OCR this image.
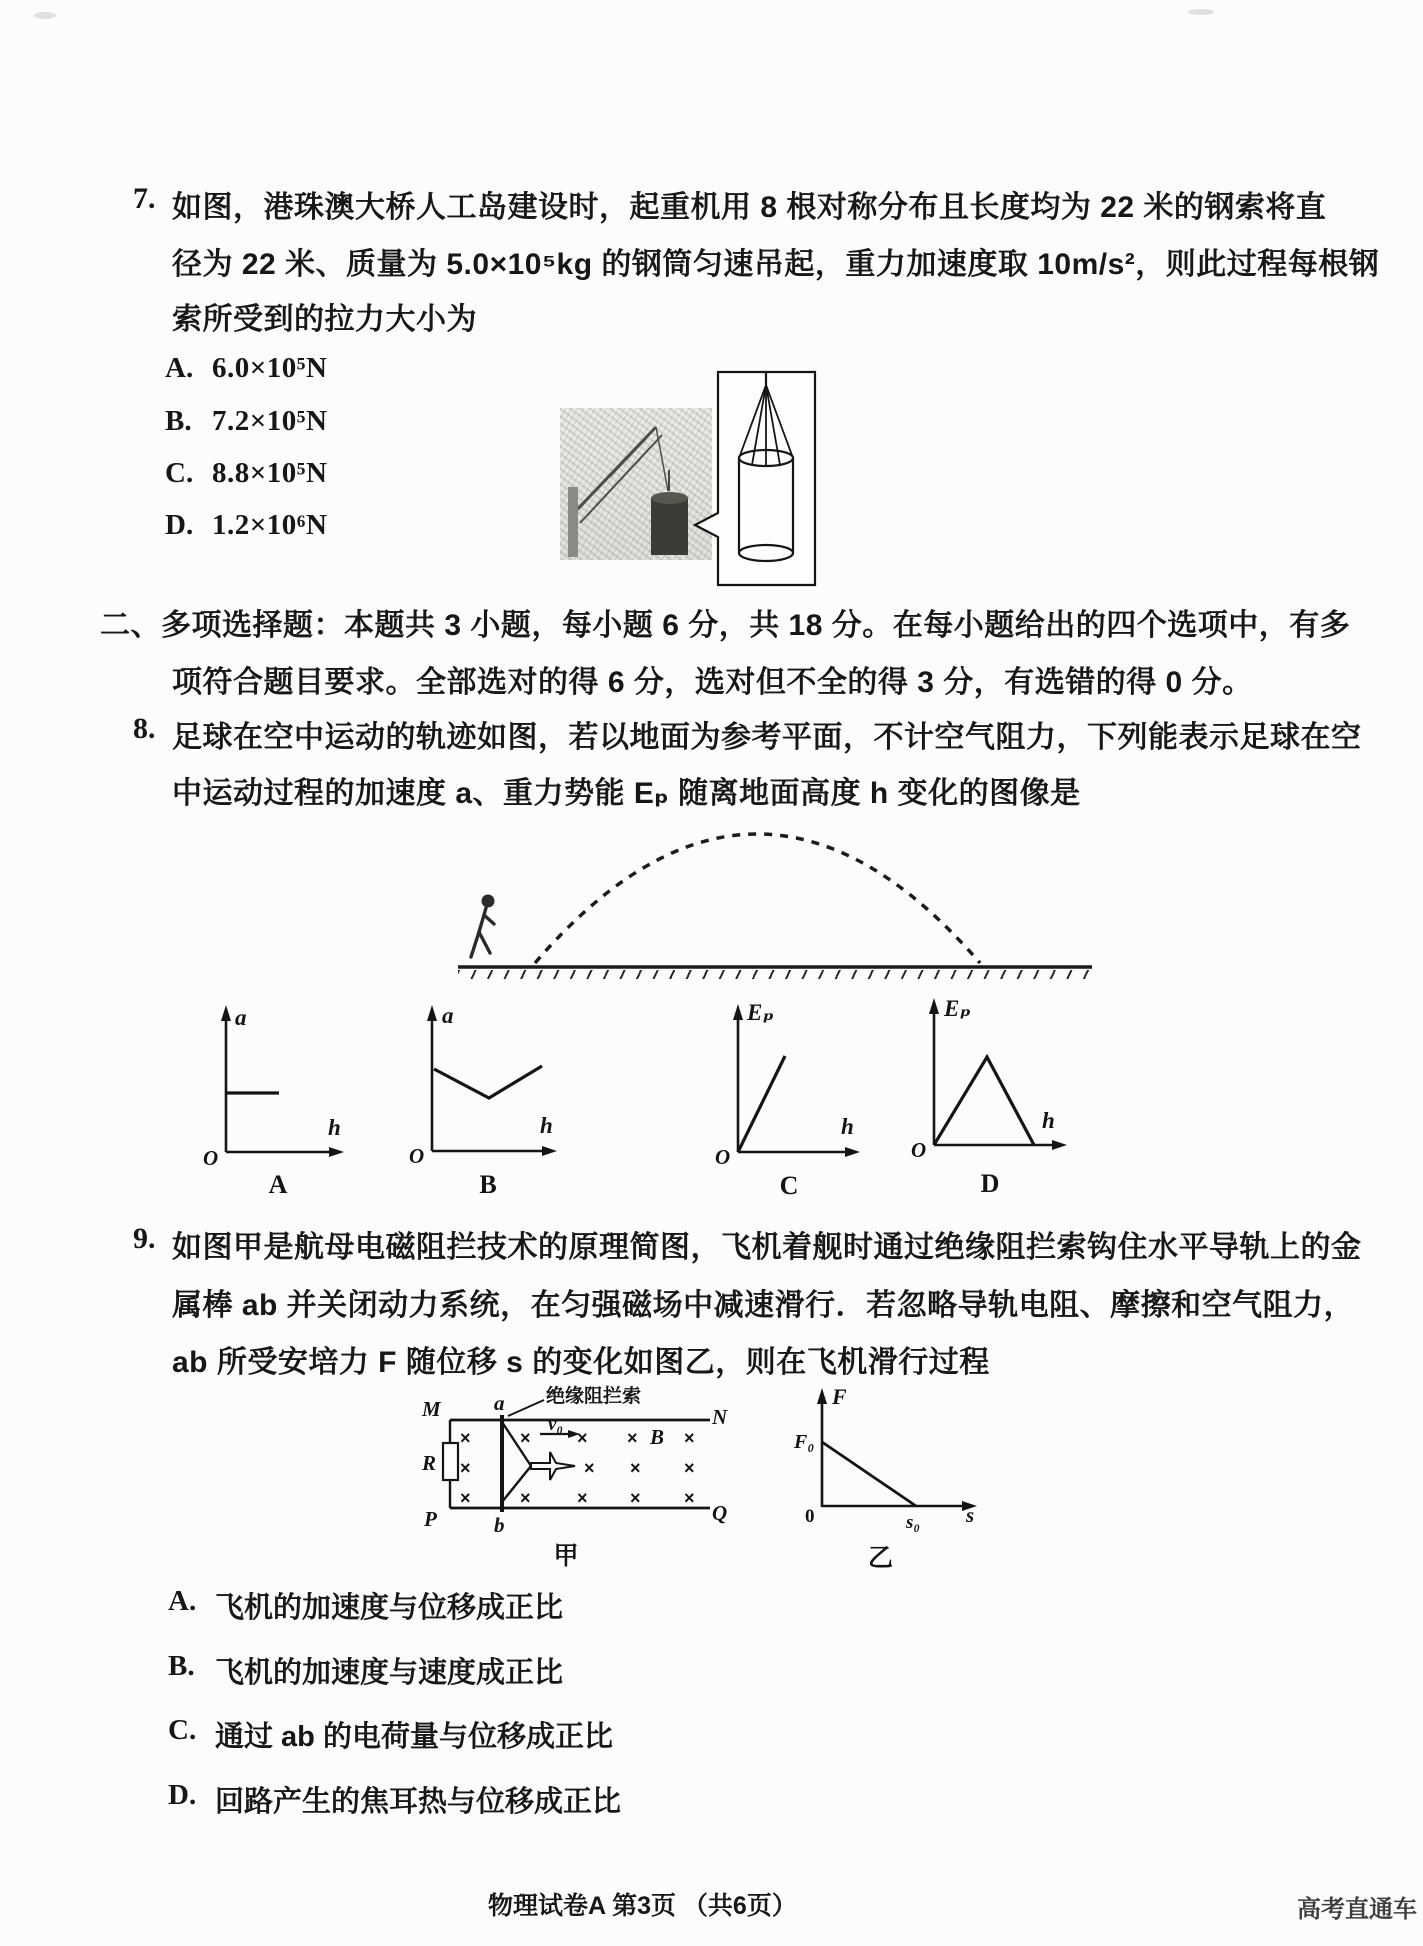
7. 如图，港珠澳大桥人工岛建设时，起重机用 8 根对称分布且长度均为 22 米的钢索将直
径为 22 米、质量为 5.0×10⁵kg 的钢筒匀速吊起，重力加速度取 10m/s²，则此过程每根钢
索所受到的拉力大小为
A. 6.0×10⁵N
B. 7.2×10⁵N
C. 8.8×10⁵N
D. 1.2×10⁶N
二、多项选择题：本题共 3 小题，每小题 6 分，共 18 分。在每小题给出的四个选项中，有多
项符合题目要求。全部选对的得 6 分，选对但不全的得 3 分，有选错的得 0 分。
8. 足球在空中运动的轨迹如图，若以地面为参考平面，不计空气阻力，下列能表示足球在空
中运动过程的加速度 a、重力势能 Eₚ 随离地面高度 h 变化的图像是
a
h
O
A
a
h
O
B
Eₚ
h
O
C
Eₚ
h
O
D
9. 如图甲是航母电磁阻拦技术的原理简图，飞机着舰时通过绝缘阻拦索钩住水平导轨上的金
属棒 ab 并关闭动力系统，在匀强磁场中减速滑行．若忽略导轨电阻、摩擦和空气阻力，
ab 所受安培力 F 随位移 s 的变化如图乙，则在飞机滑行过程
绝缘阻拦索
M	N
P	Q
a
b
R
v₀
B
×	×	× ×	×
×	× × ×
×	×	× × ×
甲
F
F₀
0	s₀ s
乙
A. 飞机的加速度与位移成正比
B. 飞机的加速度与速度成正比
C. 通过 ab 的电荷量与位移成正比
D. 回路产生的焦耳热与位移成正比
物理试卷A 第3页 （共6页）	高考直通车
